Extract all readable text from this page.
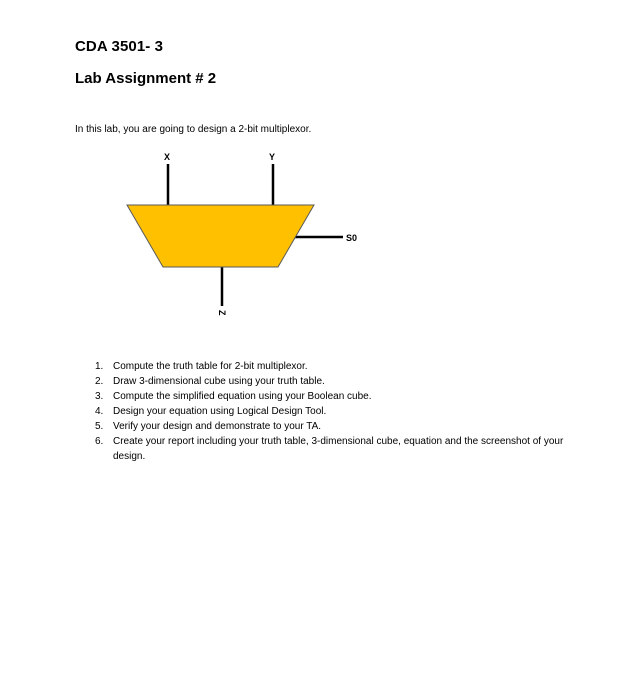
CDA 3501- 3
Lab Assignment # 2
In this lab, you are going to design a 2-bit multiplexor.
X	Y
S0
Z
1. Compute the truth table for 2-bit multiplexor.
2. Draw 3-dimensional cube using your truth table.
3. Compute the simplified equation using your Boolean cube.
4. Design your equation using Logical Design Tool.
5. Verify your design and demonstrate to your TA.
6. Create your report including your truth table, 3-dimensional cube, equation and the screenshot of your design.
